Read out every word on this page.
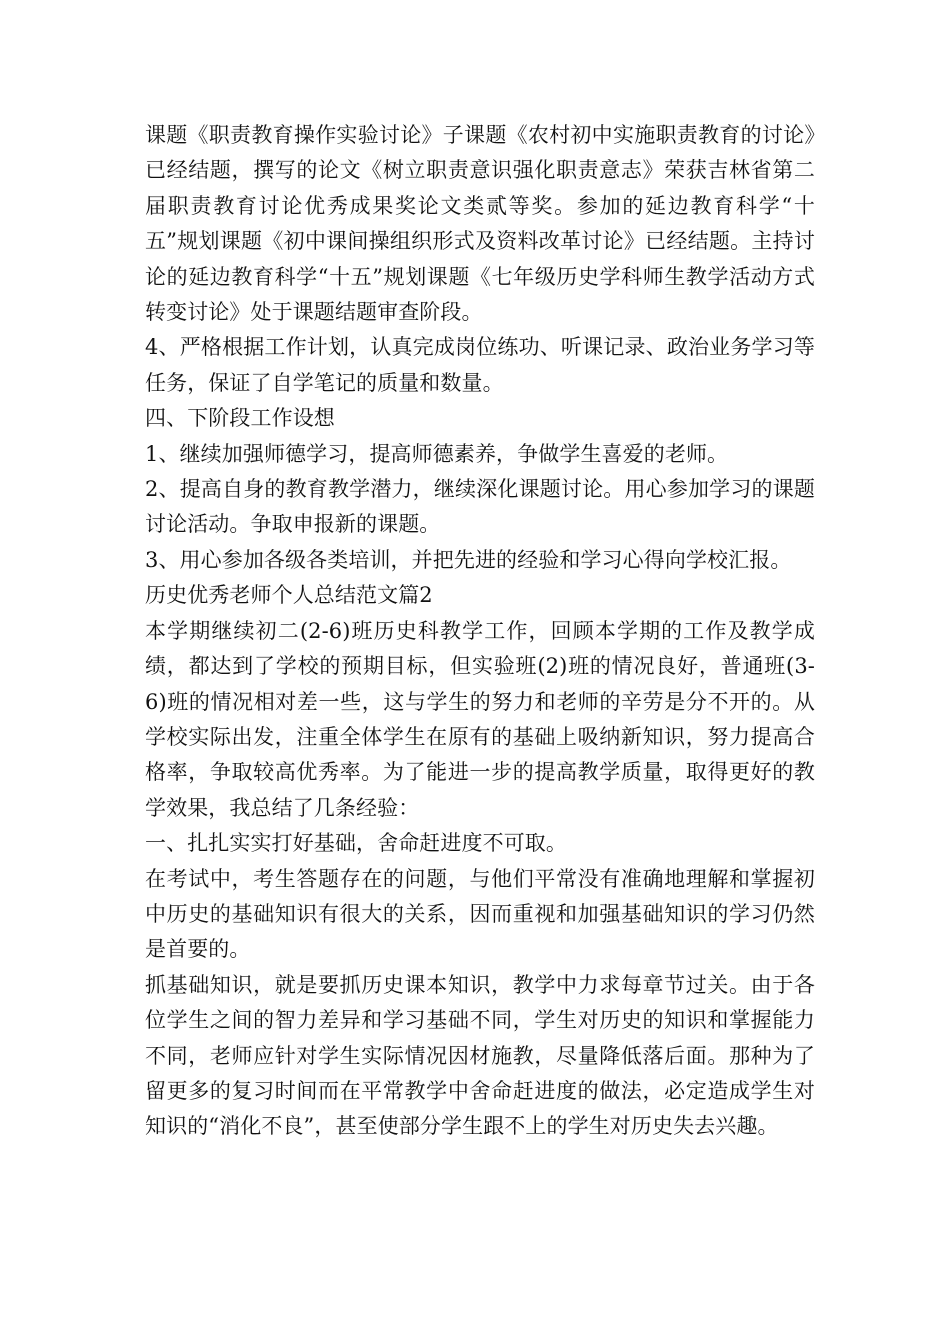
课题《职责教育操作实验讨论》子课题《农村初中实施职责教育的讨论》已经结题，撰写的论文《树立职责意识强化职责意志》荣获吉林省第二届职责教育讨论优秀成果奖论文类贰等奖。参加的延边教育科学“十五”规划课题《初中课间操组织形式及资料改革讨论》已经结题。主持讨论的延边教育科学“十五”规划课题《七年级历史学科师生教学活动方式转变讨论》处于课题结题审查阶段。

4、严格根据工作计划，认真完成岗位练功、听课记录、政治业务学习等任务，保证了自学笔记的质量和数量。

四、下阶段工作设想

1、继续加强师德学习，提高师德素养，争做学生喜爱的老师。

2、提高自身的教育教学潜力，继续深化课题讨论。用心参加学习的课题讨论活动。争取申报新的课题。

3、用心参加各级各类培训，并把先进的经验和学习心得向学校汇报。

历史优秀老师个人总结范文篇2

本学期继续初二(2-6)班历史科教学工作，回顾本学期的工作及教学成绩，都达到了学校的预期目标，但实验班(2)班的情况良好，普通班(3-6)班的情况相对差一些，这与学生的努力和老师的辛劳是分不开的。从学校实际出发，注重全体学生在原有的基础上吸纳新知识，努力提高合格率，争取较高优秀率。为了能进一步的提高教学质量，取得更好的教学效果，我总结了几条经验：

一、扎扎实实打好基础，舍命赶进度不可取。

在考试中，考生答题存在的问题，与他们平常没有准确地理解和掌握初中历史的基础知识有很大的关系，因而重视和加强基础知识的学习仍然是首要的。

抓基础知识，就是要抓历史课本知识，教学中力求每章节过关。由于各位学生之间的智力差异和学习基础不同，学生对历史的知识和掌握能力不同，老师应针对学生实际情况因材施教，尽量降低落后面。那种为了留更多的复习时间而在平常教学中舍命赶进度的做法，必定造成学生对知识的“消化不良”，甚至使部分学生跟不上的学生对历史失去兴趣。
